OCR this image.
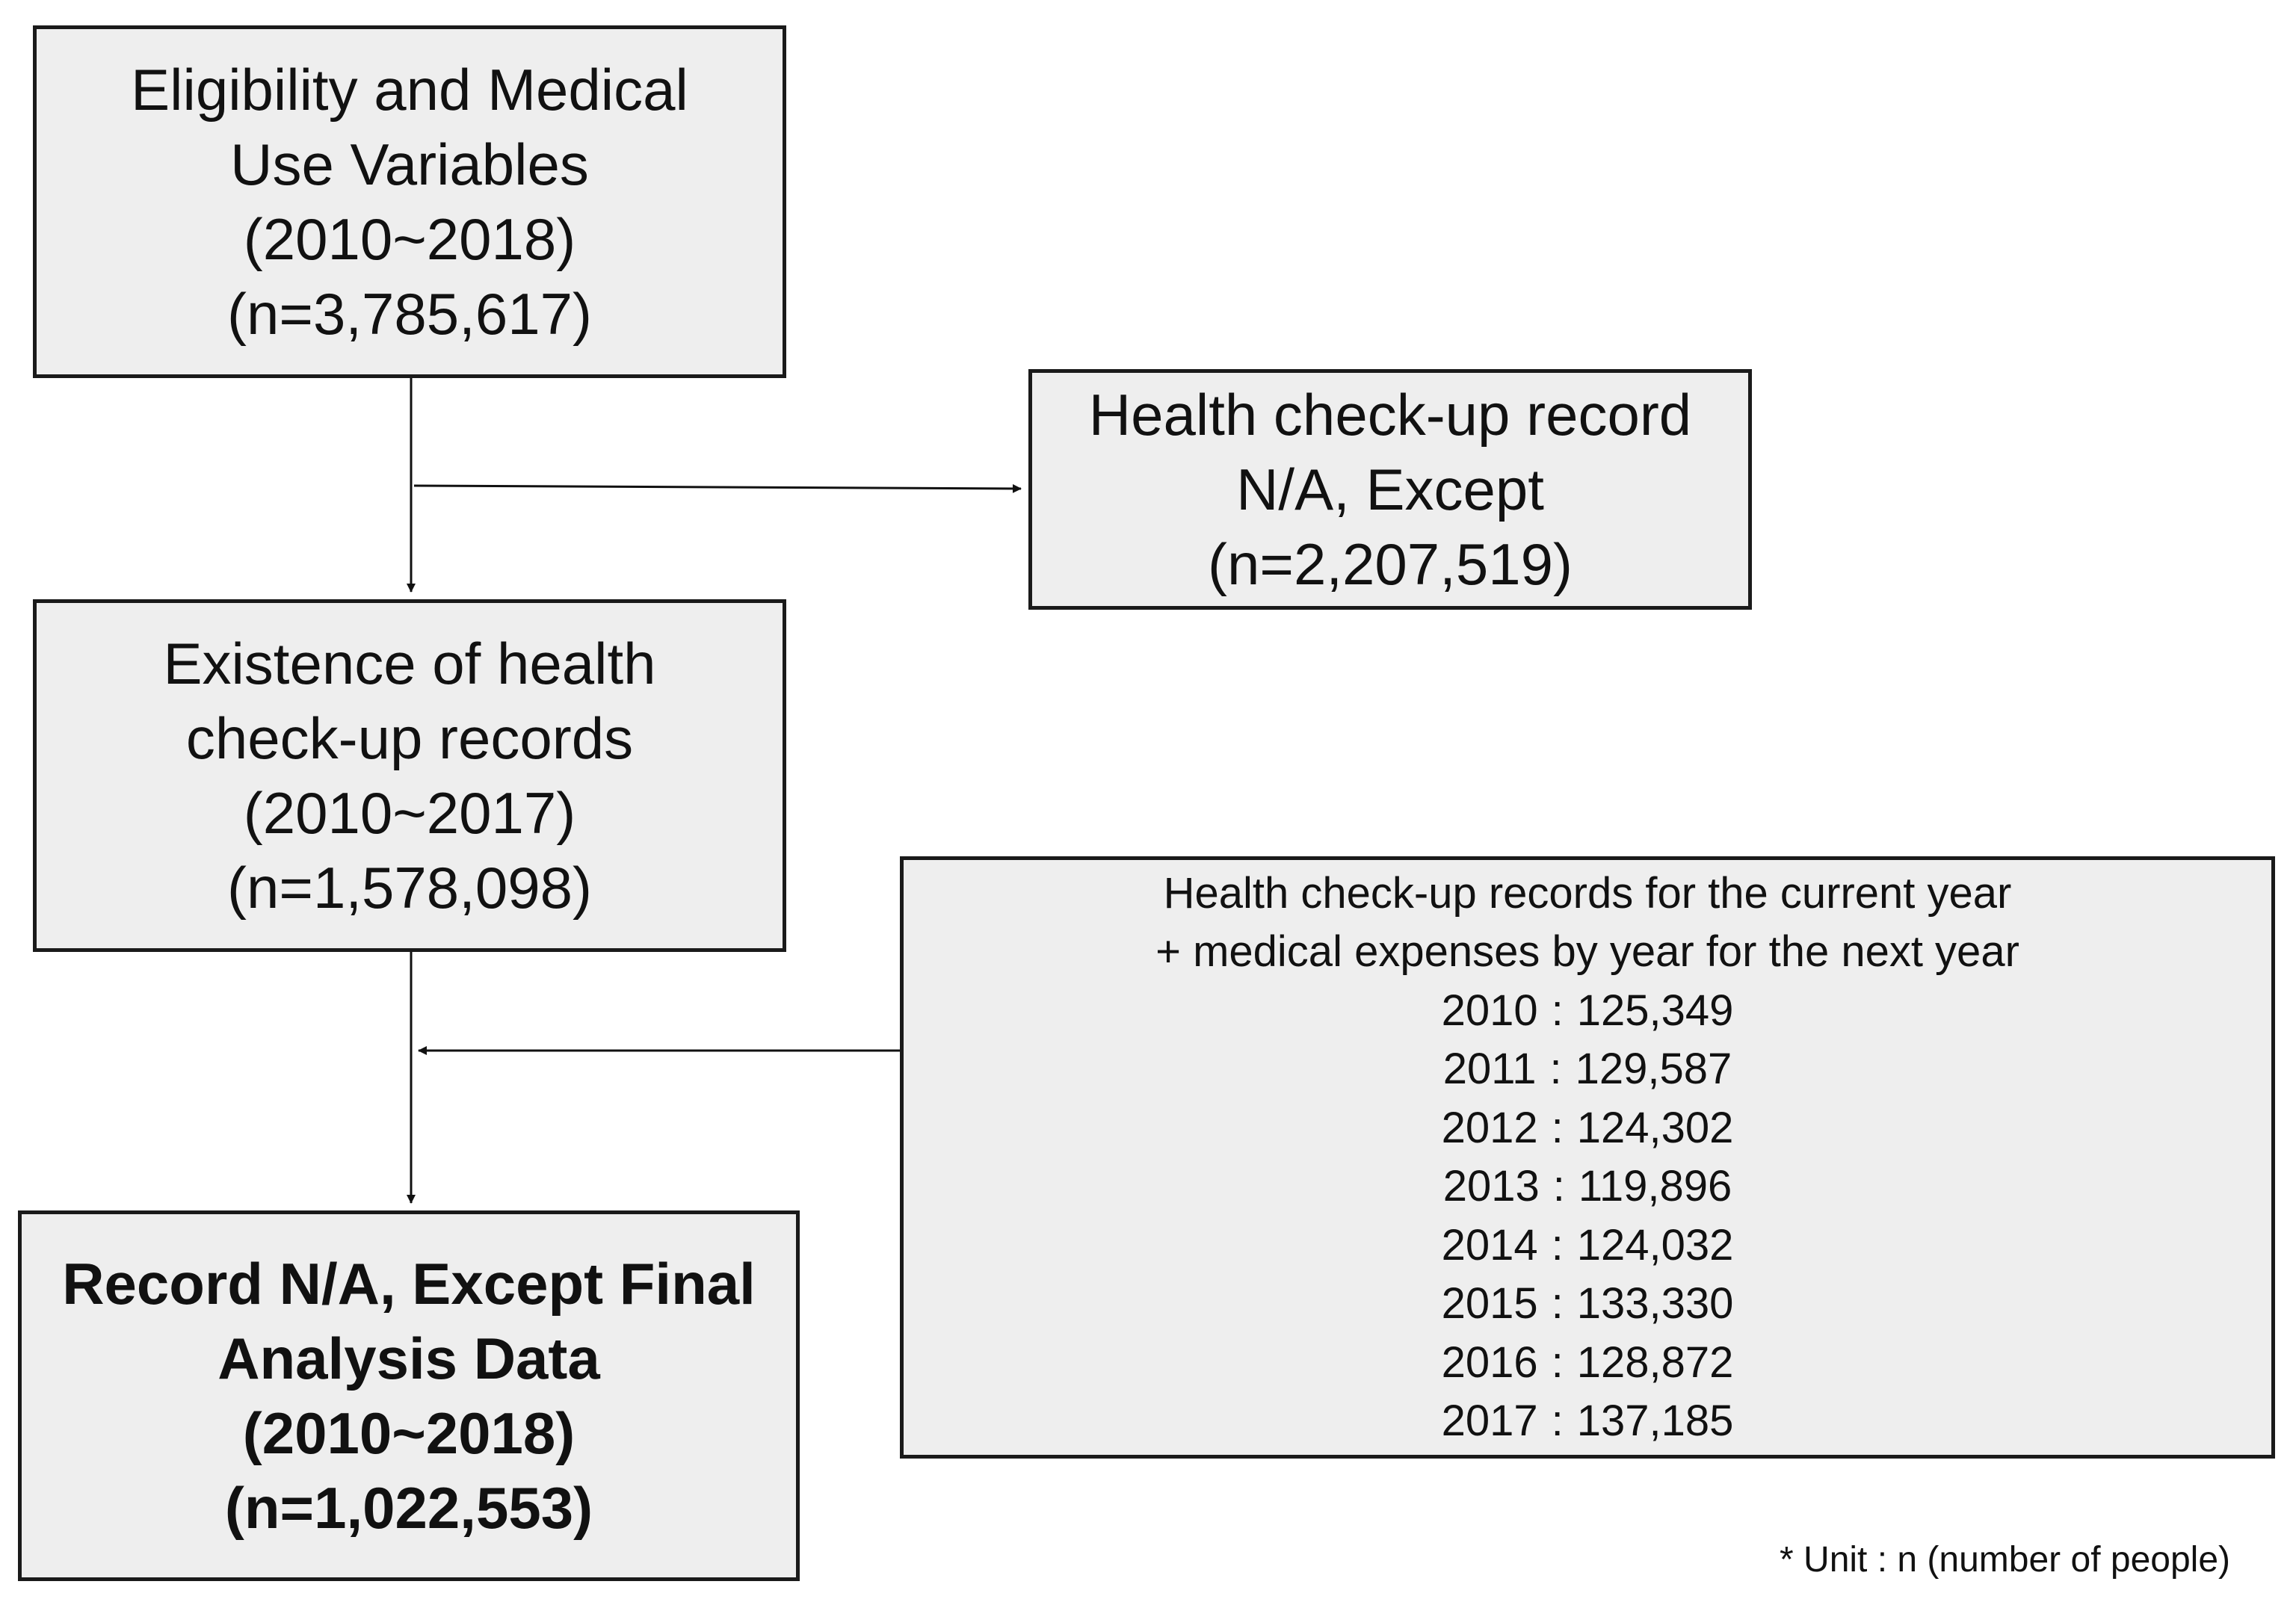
Eligibility and Medical
Use Variables
(2010~2018)
(n=3,785,617)
Health check-up record
N/A, Except
(n=2,207,519)
Existence of health
check-up records
(2010~2017)
(n=1,578,098)	Health check-up records for the current year
+ medical expenses by year for the next year
2010 : 125,349
2011 : 129,587
2012 : 124,302
2013 : 119,896
2014 : 124,032
2015 : 133,330
2016 : 128,872
2017 : 137,185
Record N/A, Except Final
Analysis Data
(2010~2018)
(n=1,022,553)
* Unit : n (number of people)
